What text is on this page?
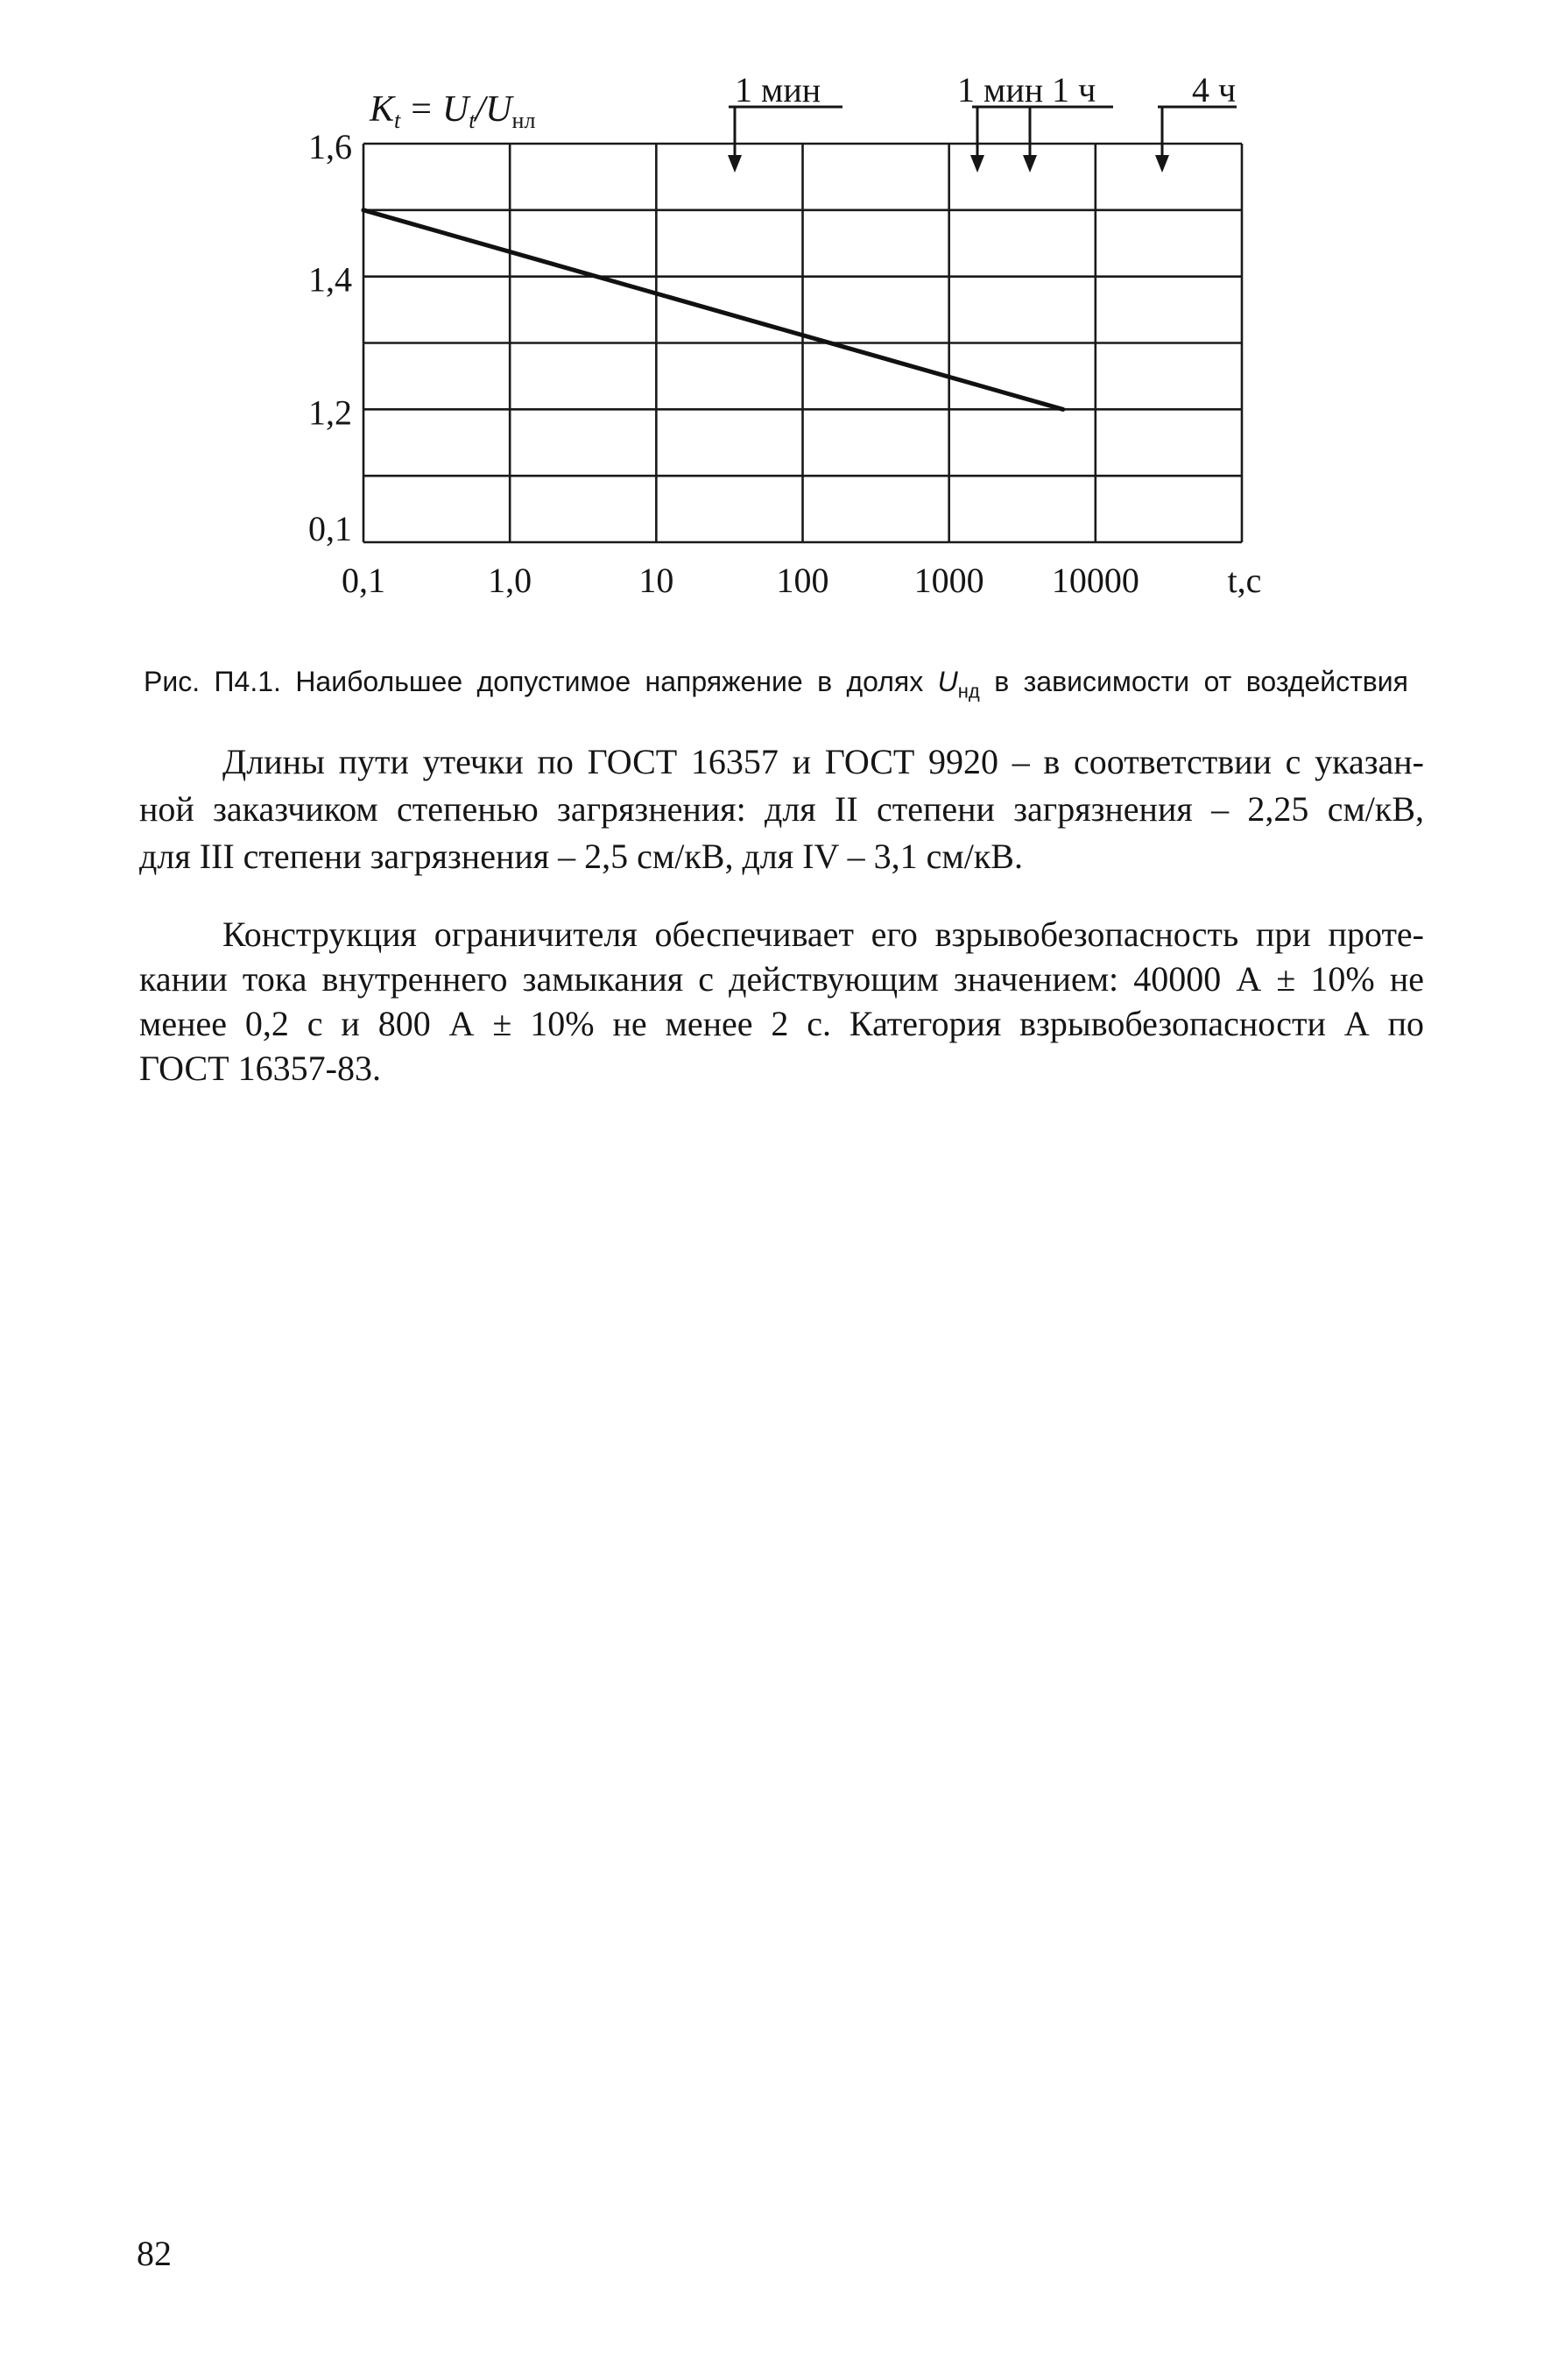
0,1	1,0	10	100 1000 10000	t,c
1,6
1,4
1,2
0,1
1 мин	1 мин 1 ч	4 ч
Kt = Ut/Uнл
Рис. П4.1. Наибольшее допустимое напряжение в долях $U_{нд}$ в зависимости от воздействия
Длины пути утечки по ГОСТ 16357 и ГОСТ 9920 – в соответствии с указан-
ной заказчиком степенью загрязнения: для II степени загрязнения – 2,25 см/кВ,
для III степени загрязнения – 2,5 см/кВ, для IV – 3,1 см/кВ.
Конструкция ограничителя обеспечивает его взрывобезопасность при проте-
кании тока внутреннего замыкания с действующим значением: 40000 А ± 10% не
менее 0,2 с и 800 А ± 10% не менее 2 с. Категория взрывобезопасности А по
ГОСТ 16357-83.
82
